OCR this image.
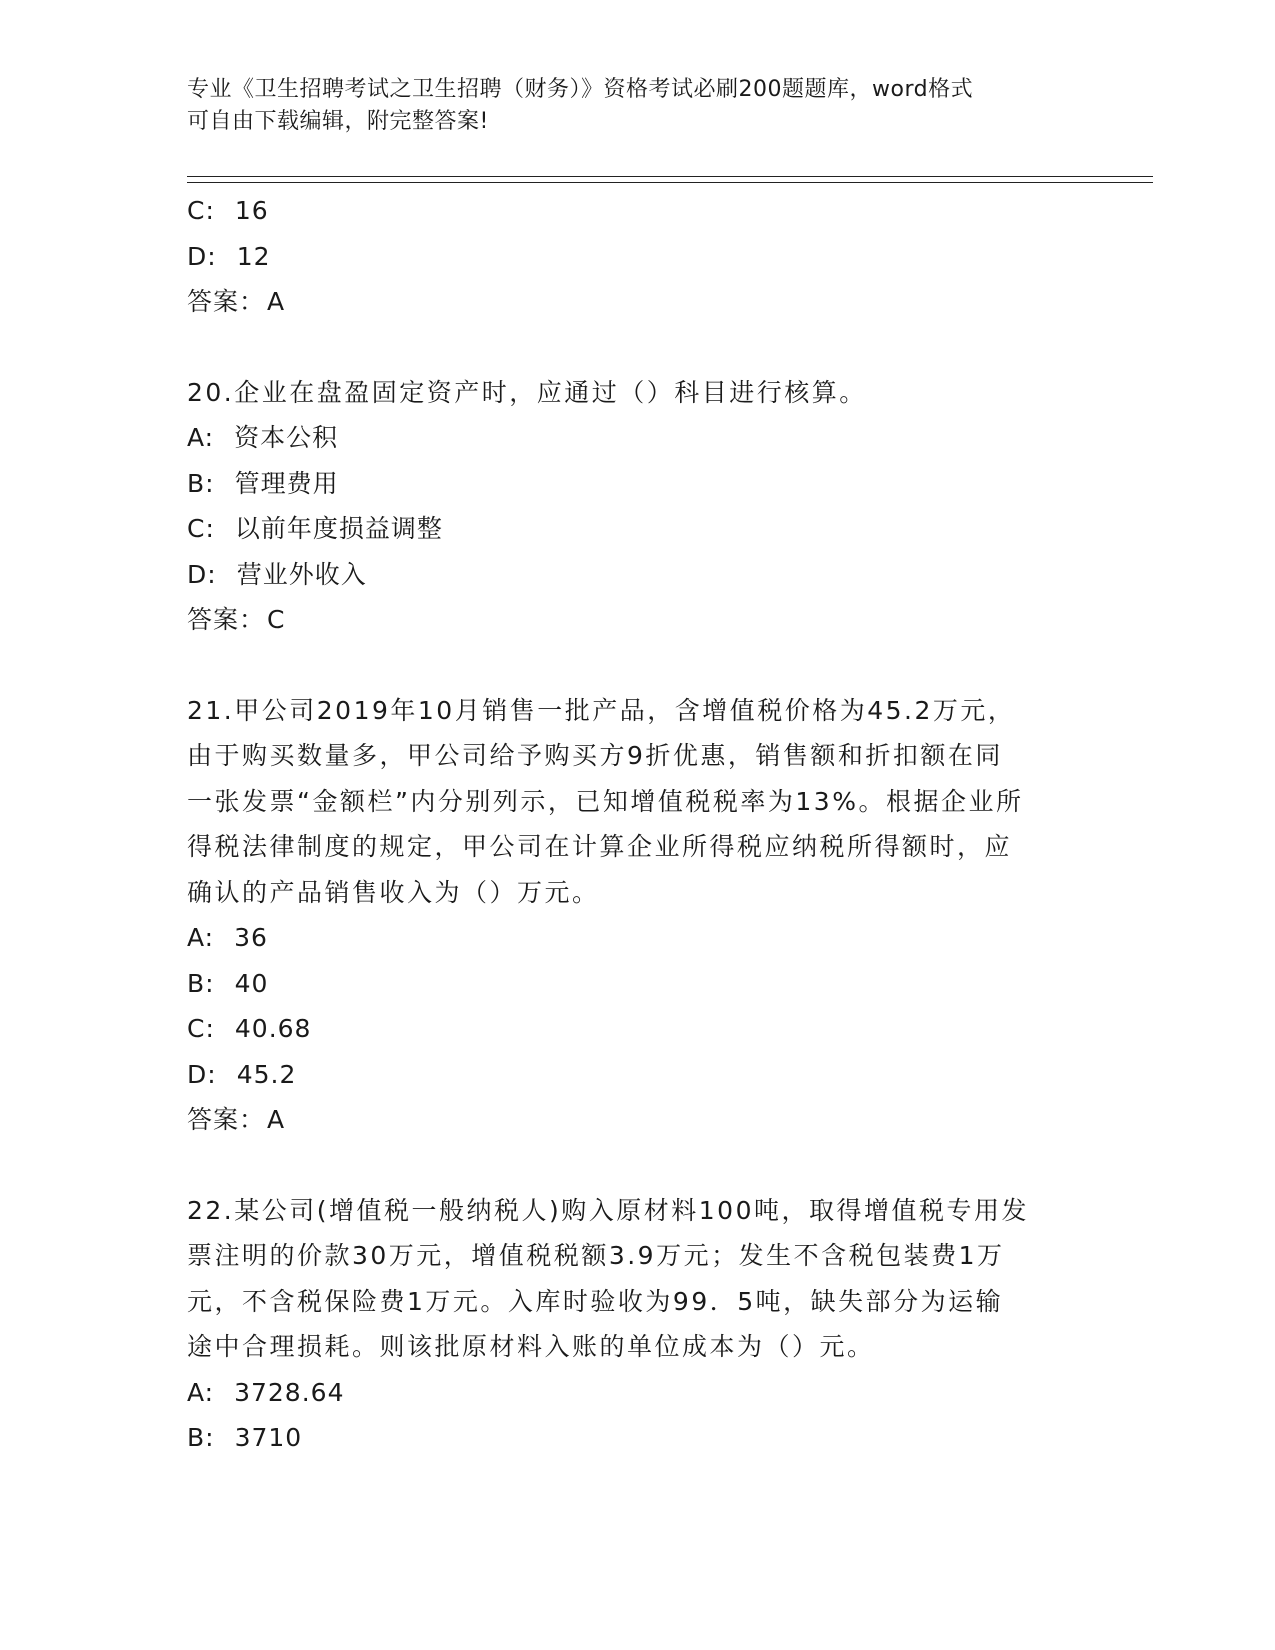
专业《卫生招聘考试之卫生招聘（财务）》资格考试必刷200题题库，word格式
可自由下载编辑，附完整答案!
C: 16
D: 12
答案：A
20.企业在盘盈固定资产时，应通过（）科目进行核算。
A: 资本公积
B: 管理费用
C: 以前年度损益调整
D: 营业外收入
答案：C
21.甲公司2019年10月销售一批产品，含增值税价格为45.2万元，
由于购买数量多，甲公司给予购买方9折优惠，销售额和折扣额在同
一张发票“金额栏”内分别列示，已知增值税税率为13%。根据企业所
得税法律制度的规定，甲公司在计算企业所得税应纳税所得额时，应
确认的产品销售收入为（）万元。
A: 36
B: 40
C: 40.68
D: 45.2
答案：A
22.某公司(增值税一般纳税人)购入原材料100吨，取得增值税专用发
票注明的价款30万元，增值税税额3.9万元；发生不含税包装费1万
元，不含税保险费1万元。入库时验收为99．5吨，缺失部分为运输
途中合理损耗。则该批原材料入账的单位成本为（）元。
A: 3728.64
B: 3710
